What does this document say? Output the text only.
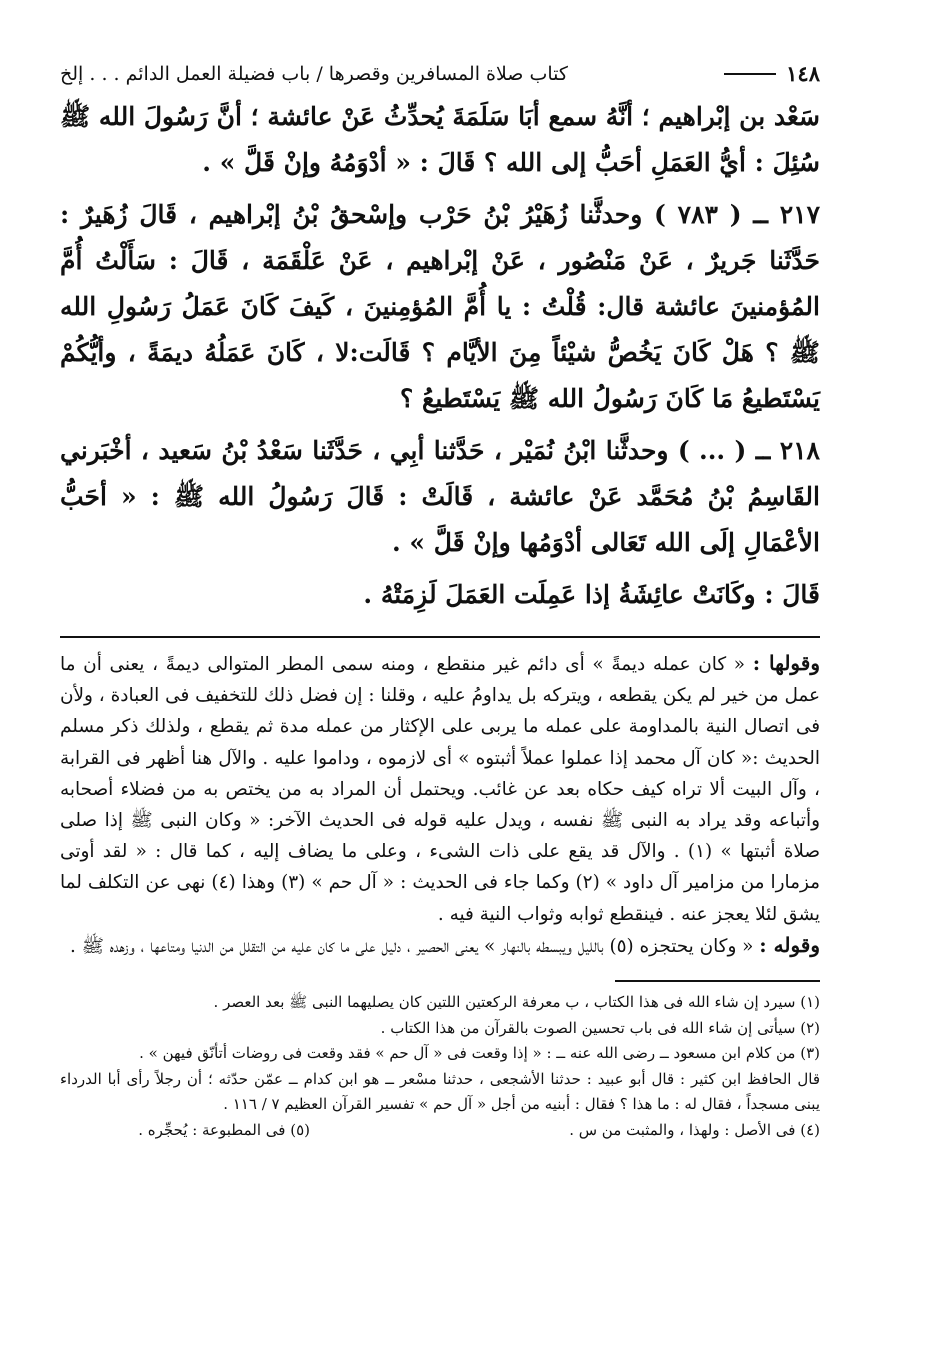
١٤٨
كتاب صلاة المسافرين وقصرها / باب فضيلة العمل الدائم . . . إلخ

سَعْد بن إبْراهيم ؛ أنَّهُ سمع أبَا سَلَمَةَ يُحدِّثُ عَنْ عائشة ؛ أنَّ رَسُولَ الله ﷺ سُئِلَ : أيُّ العَمَلِ أحَبُّ إلى الله ؟ قَالَ : « أدْوَمُهُ وإنْ قَلَّ » .

٢١٧ ــ ( ٧٨٣ ) وحدثَّنا زُهَيْرُ بْنُ حَرْب وإسْحقُ بْنُ إبْراهيم ، قَالَ زُهَيرٌ : حَدَّثَنا جَريرٌ ، عَنْ مَنْصُور ، عَنْ إبْراهيم ، عَنْ عَلْقَمَة ، قَالَ : سَأَلْتُ أُمَّ المُؤمنينَ عائشة قال: قُلْتُ : يا أُمَّ المُؤمِنينَ ، كَيفَ كَانَ عَمَلُ رَسُولِ الله ﷺ ؟ هَلْ كَانَ يَخُصُّ شيْئاً مِنَ الأيَّام ؟ قَالَت:لا ، كَانَ عَمَلُهُ ديمَةً ، وأيُّكُمْ يَسْتَطيعُ مَا كَانَ رَسُولُ الله ﷺ يَسْتَطيعُ ؟

٢١٨ ــ ( ... ) وحدثَّنا ابْنُ نُمَيْر ، حَدَّثنا أبِي ، حَدَّثَنا سَعْدُ بْنُ سَعيد ، أخْبَرني القَاسِمُ بْنُ مُحَمَّد عَنْ عائشة ، قَالَتْ : قَالَ رَسُولُ الله ﷺ : « أحَبُّ الأعْمَالِ إلَى الله تَعَالى أدْوَمُها وإنْ قَلَّ » .

قَالَ : وكَانَتْ عائِشَةُ إذا عَمِلَت العَمَلَ لَزِمَتْهُ .

وقولها : « كان عمله ديمةً » أى دائم غير منقطع ، ومنه سمى المطر المتوالى ديمةً ، يعنى أن ما عمل من خير لم يكن يقطعه ، ويتركه بل يداومُ عليه ، وقلنا : إن فضل ذلك للتخفيف فى العبادة ، ولأن فى اتصال النية بالمداومة على عمله ما يربى على الإكثار من عمله مدة ثم يقطع ، ولذلك ذكر مسلم الحديث :« كان آل محمد إذا عملوا عملاً أثبتوه » أى لازموه ، وداموا عليه . والآل هنا أظهر فى القرابة ، وآل البيت ألا تراه كيف حكاه بعد عن غائب. ويحتمل أن المراد به من يختص به من فضلاء أصحابه وأتباعه وقد يراد به النبى ﷺ نفسه ، ويدل عليه قوله فى الحديث الآخر: « وكان النبى ﷺ إذا صلى صلاة أثبتها » (١) . والآل قد يقع على ذات الشىء ، وعلى ما يضاف إليه ، كما قال : « لقد أوتى مزمارا من مزامير آل داود » (٢) وكما جاء فى الحديث : « آل حم » (٣) وهذا (٤) نهى عن التكلف لما يشق لئلا يعجز عنه . فينقطع ثوابه وثواب النية فيه .

وقوله : « وكان يحتجزه (٥) بالليل ويبسطه بالنهار » يعنى الحصير ، دليل على ما كان عليه من التقلل من الدنيا ومتاعها ، وزهده ﷺ .

(١) سيرد إن شاء الله فى هذا الكتاب ، ب معرفة الركعتين اللتين كان يصليهما النبى ﷺ بعد العصر .

(٢) سيأتى إن شاء الله فى باب تحسين الصوت بالقرآن من هذا الكتاب .

(٣) من كلام ابن مسعود ــ رضى الله عنه ــ : « إذا وقعت فى « آل حم » فقد وقعت فى روضات أتأنّق فيهن » .

قال الحافظ ابن كثير : قال أبو عبيد : حدثنا الأشجعى ، حدثنا مسْعر ــ هو ابن كدام ــ عمّن حدّثه ؛ أن رجلاً رأى أبا الدرداء يبنى مسجداً ، فقال له : ما هذا ؟ فقال : أبنيه من أجل « آل حم » تفسير القرآن العظيم ٧ / ١١٦ .

(٤) فى الأصل : ولهذا ، والمثبت من س .
(٥) فى المطبوعة : يُحجِّره .
